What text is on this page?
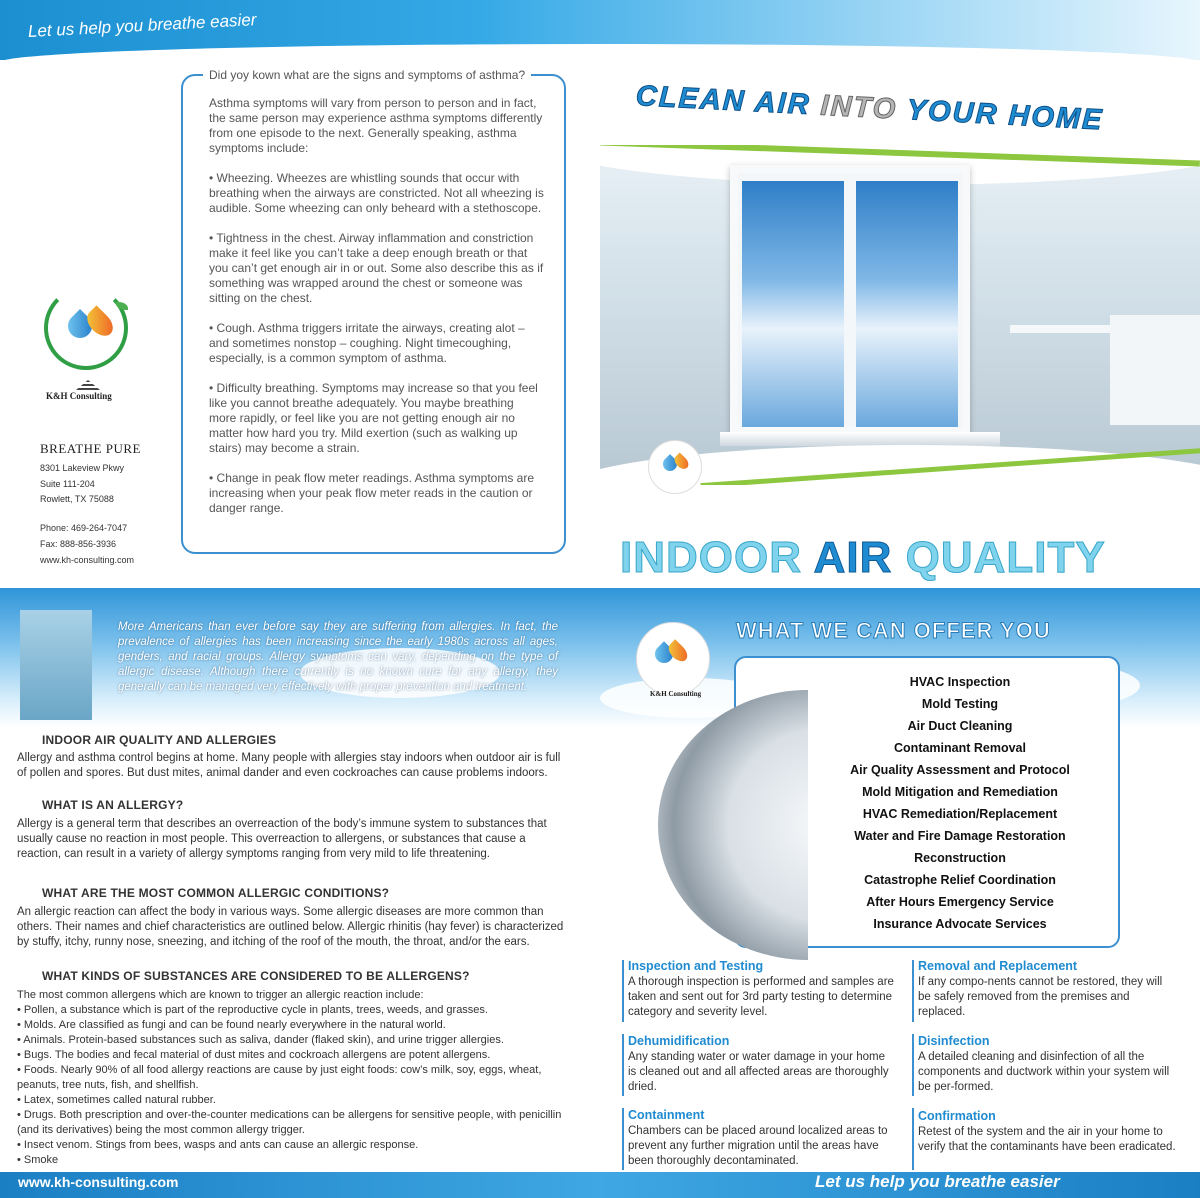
Let us help you breathe easier
K&H Consulting
BREATHE PURE
8301 Lakeview Pkwy
Suite 111-204
Rowlett, TX 75088
Phone: 469-264-7047
Fax: 888-856-3936
www.kh-consulting.com
Did yoy kown what are the signs and symptoms of asthma?

Asthma symptoms will vary from person to person and in fact, the same person may experience asthma symptoms differently from one episode to the next. Generally speaking, asthma symptoms include:

• Wheezing. Wheezes are whistling sounds that occur with breathing when the airways are constricted. Not all wheezing is audible. Some wheezing can only beheard with a stethoscope.

• Tightness in the chest. Airway inflammation and constriction make it feel like you can’t take a deep enough breath or that you can’t get enough air in or out. Some also describe this as if something was wrapped around the chest or someone was sitting on the chest.

• Cough. Asthma triggers irritate the airways, creating alot – and sometimes nonstop – coughing. Night timecoughing, especially, is a common symptom of asthma.

• Difficulty breathing. Symptoms may increase so that you feel like you cannot breathe adequately. You maybe breathing more rapidly, or feel like you are not getting enough air no matter how hard you try. Mild exertion (such as walking up stairs) may become a strain.

• Change in peak flow meter readings. Asthma symptoms are increasing when your peak flow meter reads in the caution or danger range.

CLEAN AIR INTO YOUR HOME
INDOOR AIR QUALITY
More Americans than ever before say they are suffering from allergies. In fact, the prevalence of allergies has been increasing since the early 1980s across all ages, genders, and racial groups. Allergy symptoms can vary, depending on the type of allergic disease. Although there currently is no known cure for any allergy, they generally can be managed very effectively with proper prevention and treatment.
INDOOR AIR QUALITY AND ALLERGIES
Allergy and asthma control begins at home. Many people with allergies stay indoors when outdoor air is full of pollen and spores. But dust mites, animal dander and even cockroaches can cause problems indoors.
WHAT IS AN ALLERGY?
Allergy is a general term that describes an overreaction of the body’s immune system to substances that usually cause no reaction in most people. This overreaction to allergens, or substances that cause a reaction, can result in a variety of allergy symptoms ranging from very mild to life threatening.
WHAT ARE THE MOST COMMON ALLERGIC CONDITIONS?
An allergic reaction can affect the body in various ways. Some allergic diseases are more common than others. Their names and chief characteristics are outlined below. Allergic rhinitis (hay fever) is characterized by stuffy, itchy, runny nose, sneezing, and itching of the roof of the mouth, the throat, and/or the ears.
WHAT KINDS OF SUBSTANCES ARE CONSIDERED TO BE ALLERGENS?
The most common allergens which are known to trigger an allergic reaction include:
• Pollen, a substance which is part of the reproductive cycle in plants, trees, weeds, and grasses.
• Molds. Are classified as fungi and can be found nearly everywhere in the natural world.
• Animals. Protein-based substances such as saliva, dander (flaked skin), and urine trigger allergies.
• Bugs. The bodies and fecal material of dust mites and cockroach allergens are potent allergens.
• Foods. Nearly 90% of all food allergy reactions are cause by just eight foods: cow’s milk, soy, eggs, wheat, peanuts, tree nuts, fish, and shellfish.
• Latex, sometimes called natural rubber.
• Drugs. Both prescription and over-the-counter medications can be allergens for sensitive people, with penicillin (and its derivatives) being the most common allergy trigger.
• Insect venom. Stings from bees, wasps and ants can cause an allergic response.
• Smoke
WHAT WE CAN OFFER YOU
K&H Consulting
HVAC Inspection
Mold Testing
Air Duct Cleaning
Contaminant Removal
Air Quality Assessment and Protocol
Mold Mitigation and Remediation
HVAC Remediation/Replacement
Water and Fire Damage Restoration
Reconstruction
Catastrophe Relief Coordination
After Hours Emergency Service
Insurance Advocate Services
Inspection and Testing
A thorough inspection is performed and samples are taken and sent out for 3rd party testing to determine category and severity level.
Removal and Replacement
If any compo-nents cannot be restored, they will be safely removed from the premises and replaced.
Dehumidification
Any standing water or water damage in your home is cleaned out and all affected areas are thoroughly dried.
Disinfection
A detailed cleaning and disinfection of all the components and ductwork within your system will be per-formed.
Containment
Chambers can be placed around localized areas to prevent any further migration until the areas have been thoroughly decontaminated.
Confirmation
Retest of the system and the air in your home to verify that the contaminants have been eradicated.
www.kh-consulting.com	Let us help you breathe easier
